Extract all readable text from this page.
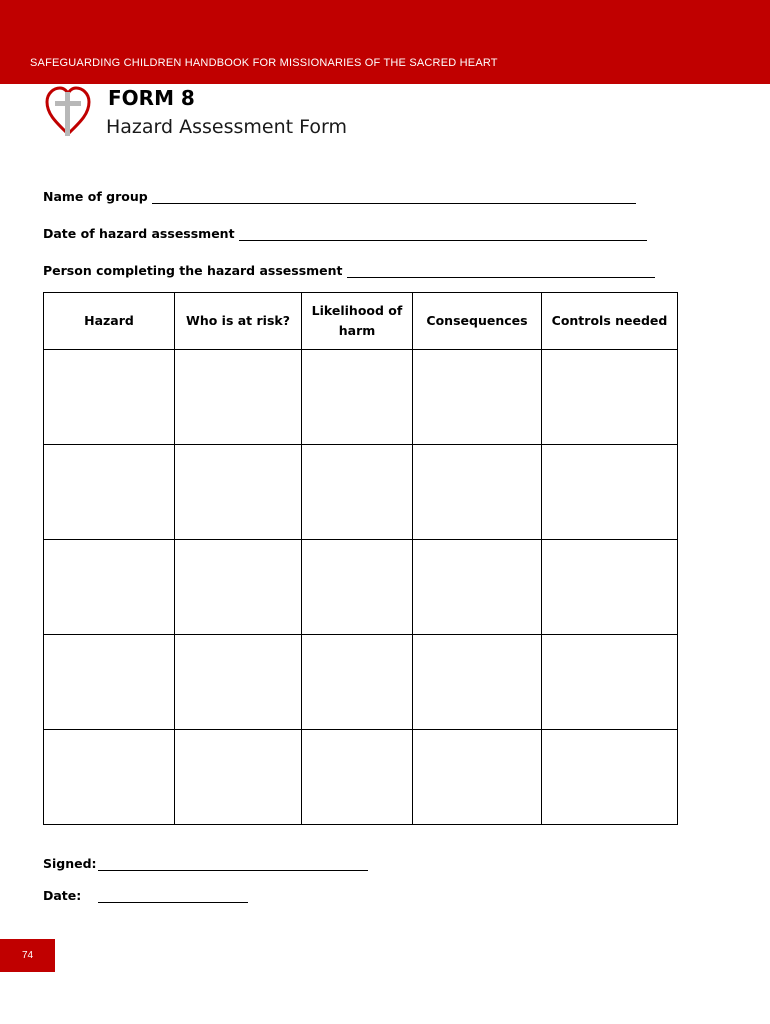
SAFEGUARDING CHILDREN HANDBOOK FOR MISSIONARIES OF THE SACRED HEART
FORM 8
Hazard Assessment Form
Name of group
Date of hazard assessment
Person completing the hazard assessment
Hazard	Who is at risk?	Likelihood of harm	Consequences	Controls needed

Signed:
Date:
74
